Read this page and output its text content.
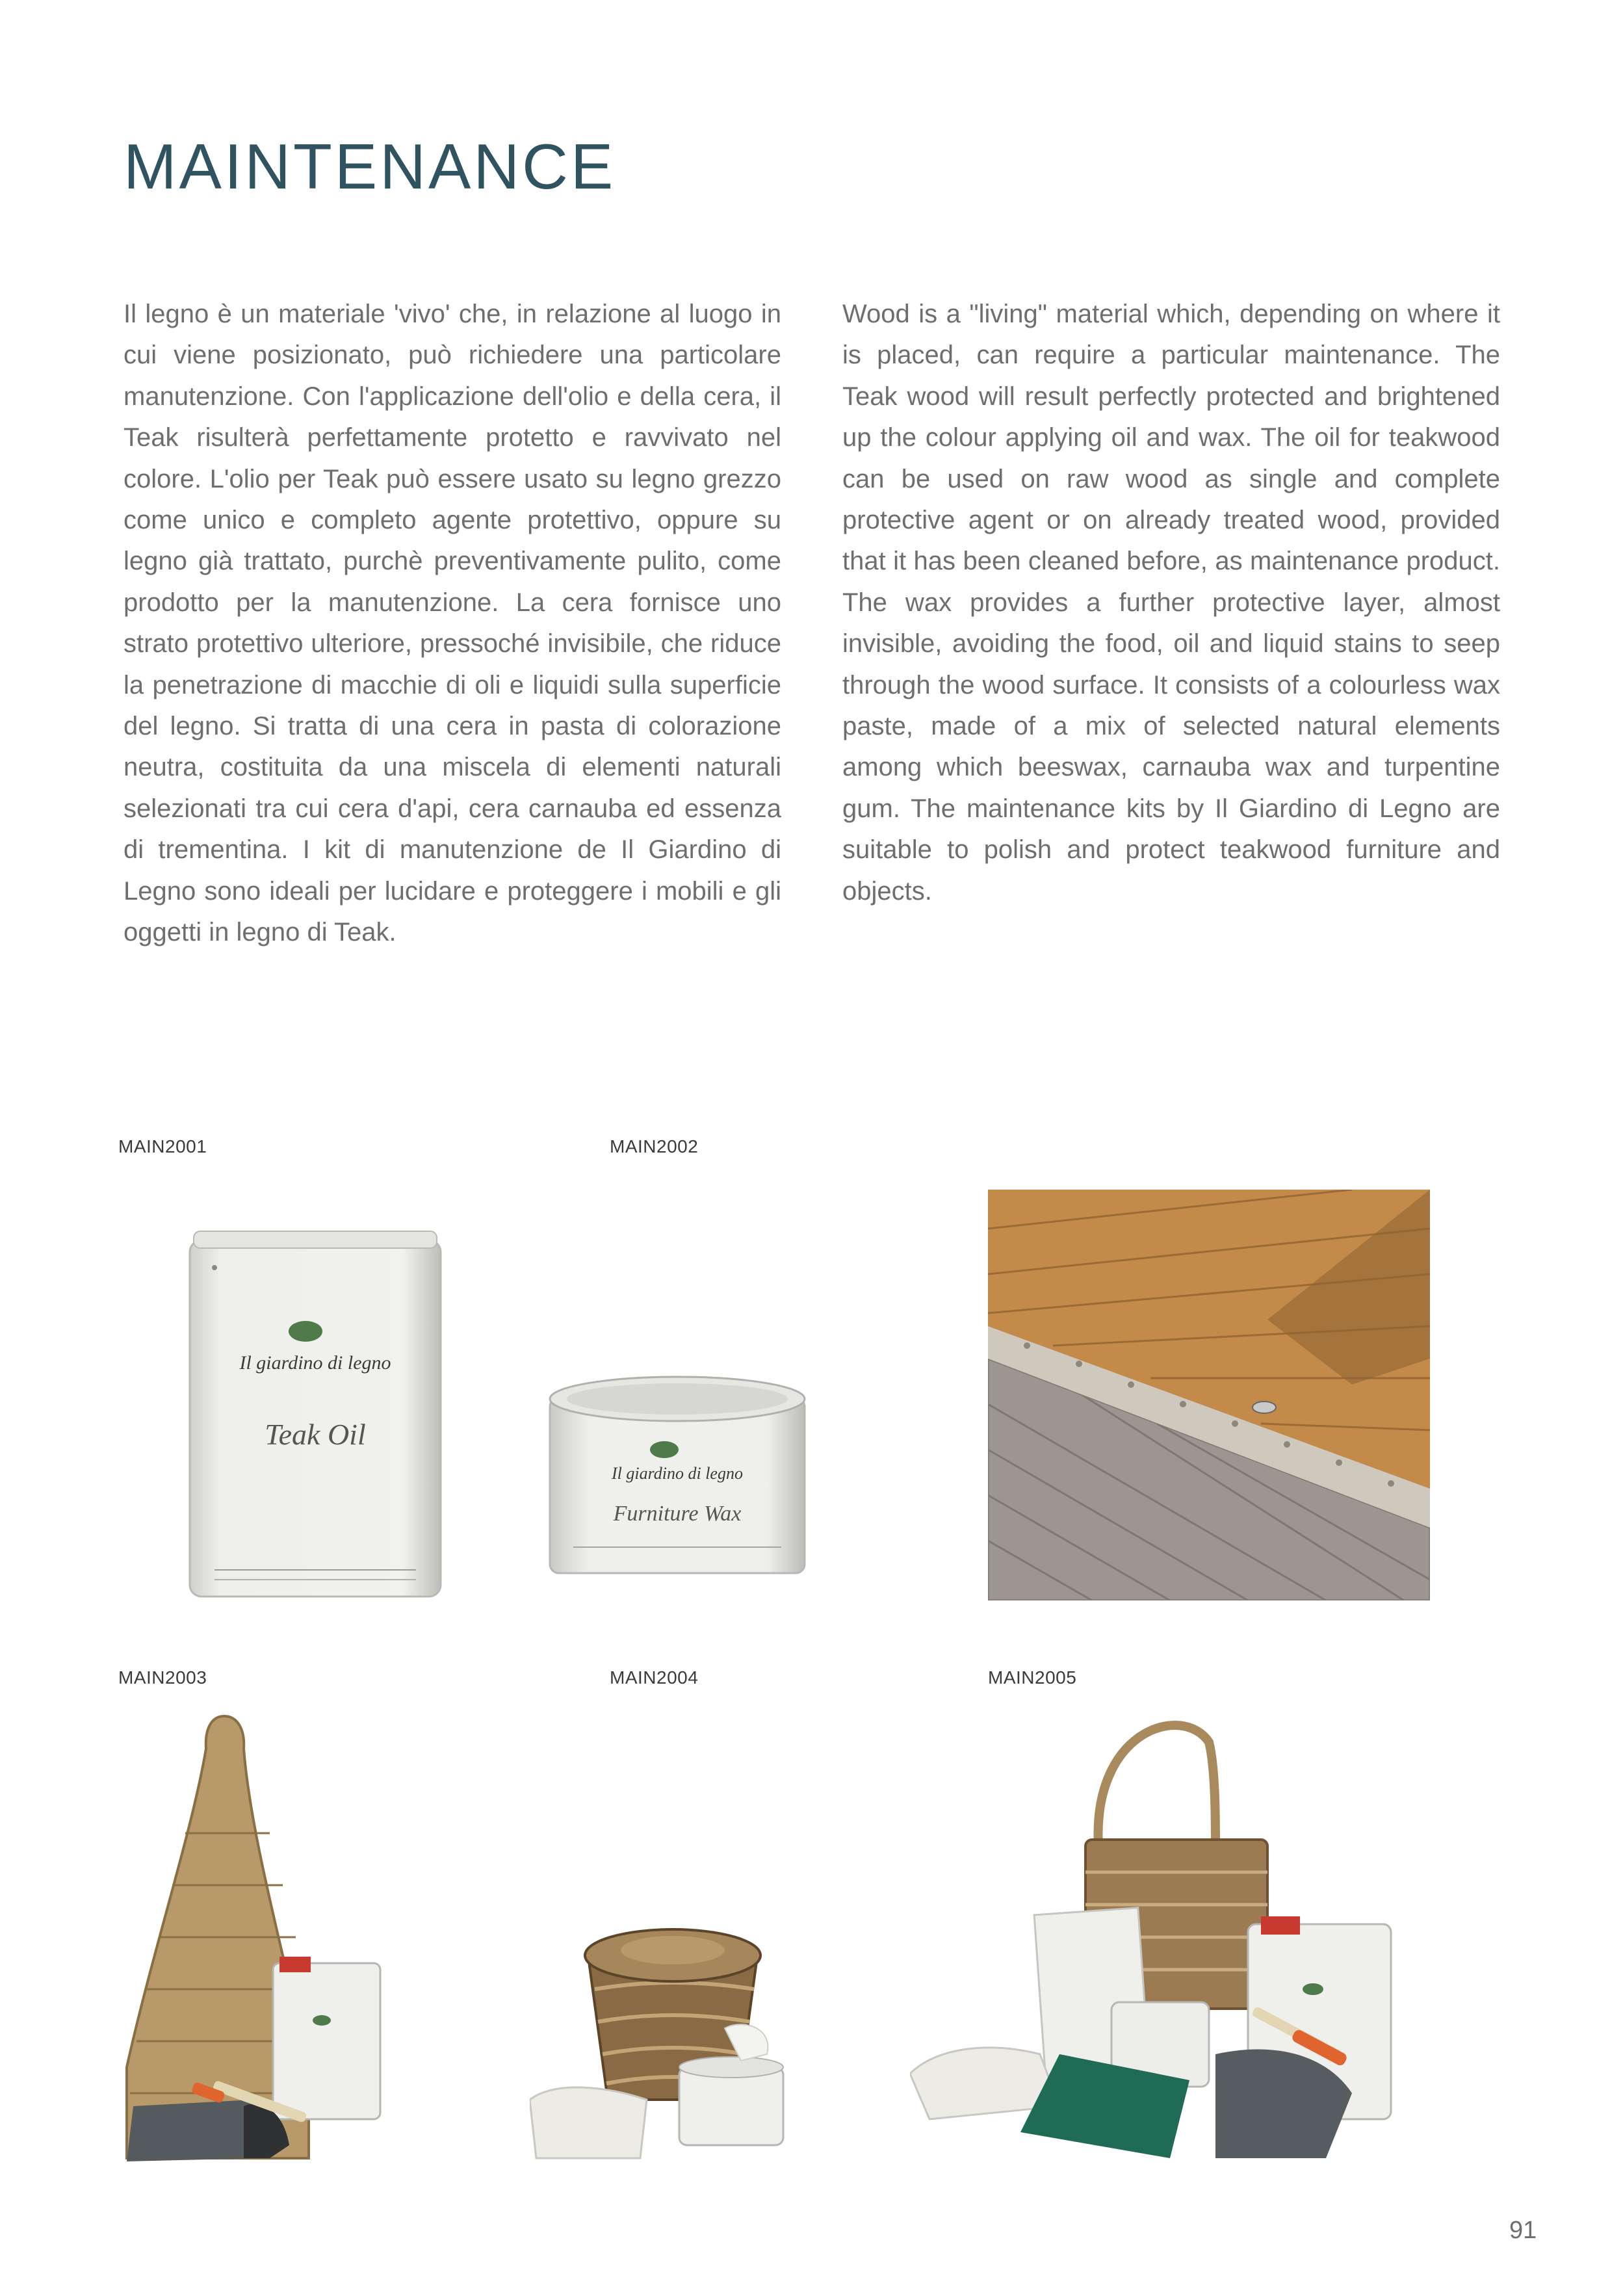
MAINTENANCE

Il legno è un materiale 'vivo' che, in relazione al luogo in cui viene posizionato, può richiedere una particolare manutenzione. Con l'applicazione dell'olio e della cera, il Teak risulterà perfettamente protetto e ravvivato nel colore. L'olio per Teak può essere usato su legno grezzo come unico e completo agente protettivo, oppure su legno già trattato, purchè preventivamente pulito, come prodotto per la manutenzione. La cera fornisce uno strato protettivo ulteriore, pressoché invisibile, che riduce la penetrazione di macchie di oli e liquidi sulla superficie del legno. Si tratta di una cera in pasta di colorazione neutra, costituita da una miscela di elementi naturali selezionati tra cui cera d'api, cera carnauba ed essenza di trementina. I kit di manutenzione de Il Giardino di Legno sono ideali per lucidare e proteggere i mobili e gli oggetti in legno di Teak.

Wood is a "living" material which, depending on where it is placed, can require a particular maintenance. The Teak wood will result perfectly protected and brightened up the colour applying oil and wax. The oil for teakwood can be used on raw wood as single and complete protective agent or on already treated wood, provided that it has been cleaned before, as maintenance product. The wax provides a further protective layer, almost invisible, avoiding the food, oil and liquid stains to seep through the wood surface. It consists of a colourless wax paste, made of a mix of selected natural elements among which beeswax, carnauba wax and turpentine gum. The maintenance kits by Il Giardino di Legno are suitable to polish and protect teakwood furniture and objects.

MAIN2001	MAIN2002
MAIN2003	MAIN2004	MAIN2005
Il giardino di legno
Teak Oil
Il giardino di legno
Furniture Wax
91
